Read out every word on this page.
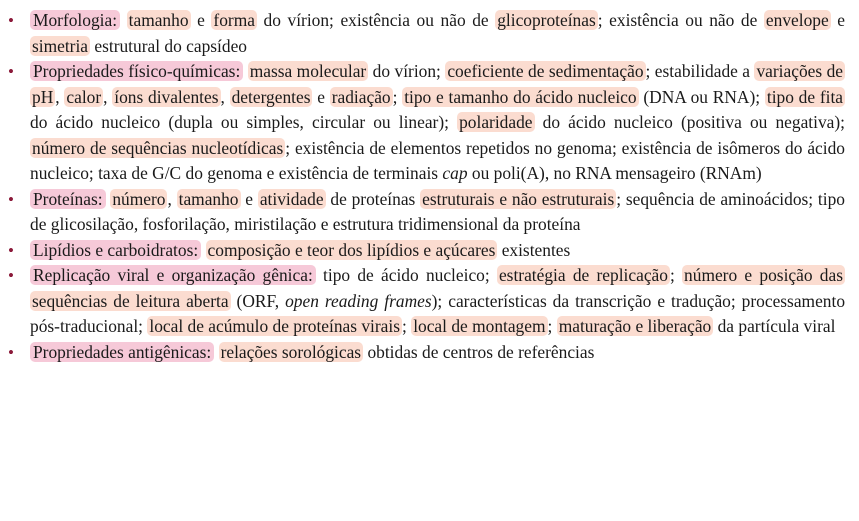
• Morfologia: tamanho e forma do vírion; existência ou não de glicoproteínas ; existência ou não de envelope e simetria estrutural do capsídeo
• Propriedades físico-químicas: massa molecular do vírion; coeficiente de sedimentação ; estabilidade a variações de pH , calor , íons divalentes , detergentes e radiação ; tipo e tamanho do ácido nucleico (DNA ou RNA); tipo de fita do ácido nucleico (dupla ou simples, circular ou linear); polaridade do ácido nucleico (positiva ou negativa); número de sequências nucleotídicas ; existência de elementos repetidos no genoma; existência de isômeros do ácido nucleico; taxa de G/C do genoma e existência de terminais cap ou poli(A), no RNA mensageiro (RNAm)
• Proteínas: número , tamanho e atividade de proteínas estruturais e não estruturais ; sequência de aminoácidos; tipo de glicosilação, fosforilação, miristilação e estrutura tridimensional da proteína
• Lipídios e carboidratos: composição e teor dos lipídios e açúcares existentes
• Replicação viral e organização gênica: tipo de ácido nucleico; estratégia de replicação ; número e posição das sequências de leitura aberta (ORF, open reading frames); características da transcrição e tradução; processamento pós-traducional; local de acúmulo de proteínas virais ; local de montagem ; maturação e liberação da partícula viral
• Propriedades antigênicas: relações sorológicas obtidas de centros de referências
